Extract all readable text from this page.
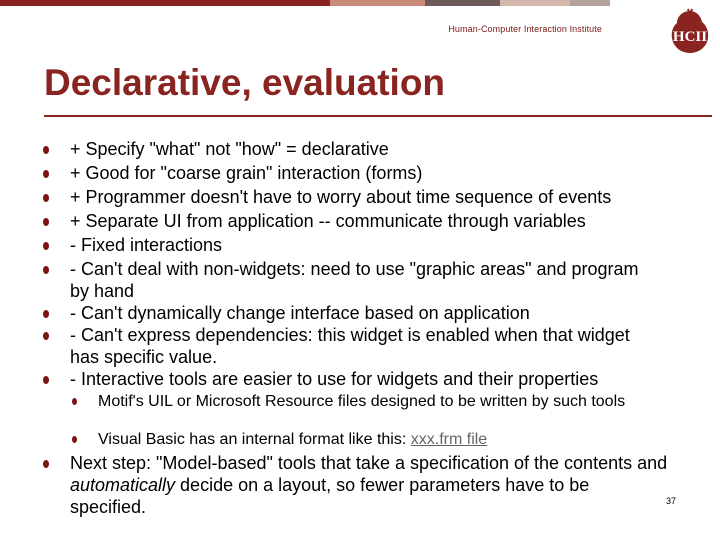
Human-Computer Interaction Institute	HCII
Declarative, evaluation
+ Specify "what" not "how" = declarative
+ Good for "coarse grain" interaction (forms)
+ Programmer doesn't have to worry about time sequence of events
+ Separate UI from application -- communicate through variables
- Fixed interactions
- Can't deal with non-widgets: need to use "graphic areas" and program by hand
- Can't dynamically change interface based on application
- Can't express dependencies: this widget is enabled when that widget has specific value.
- Interactive tools are easier to use for widgets and their properties
Motif's UIL or Microsoft Resource files designed to be written by such tools
Visual Basic has an internal format like this: xxx.frm file
Next step: "Model-based" tools that take a specification of the contents and automatically decide on a layout, so fewer parameters have to be specified.	37
